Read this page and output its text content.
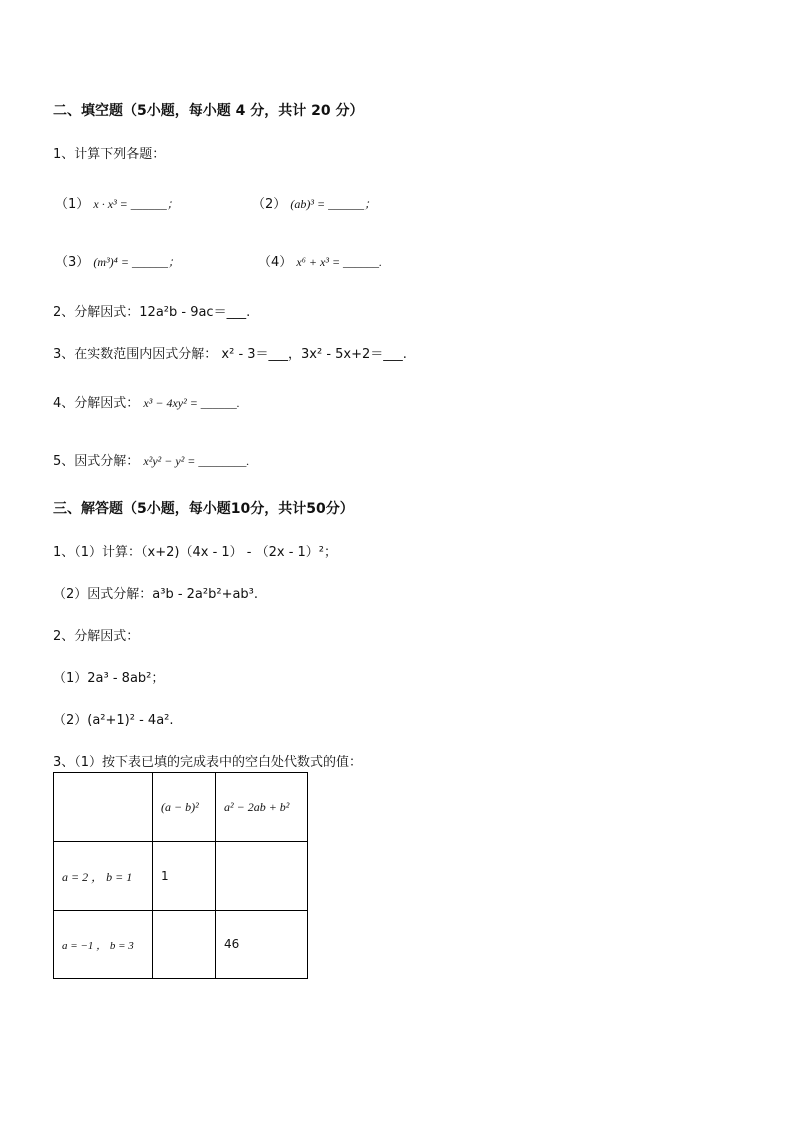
二、填空题（5小题，每小题 4 分，共计 20 分）
1、计算下列各题：
（1） x · x³ = ______；	（2） (ab)³ = ______；
（3） (m³)⁴ = ______；	（4） x⁶ + x³ = ______.
2、分解因式：12a²b - 9ac＝___.
3、在实数范围内因式分解： x² - 3＝___，3x² - 5x+2＝___.
4、分解因式： x³ − 4xy² = ______.
5、因式分解： x²y² − y² = ________.
三、解答题（5小题，每小题10分，共计50分）
1、（1）计算：（x+2)（4x - 1） - （2x - 1）²；
（2）因式分解：a³b - 2a²b²+ab³.
2、分解因式：
（1）2a³ - 8ab²；
（2）(a²+1)² - 4a².
3、（1）按下表已填的完成表中的空白处代数式的值：
	(a − b)²	a² − 2ab + b²
a = 2 ， b = 1	1	
a = −1 ， b = 3		46
